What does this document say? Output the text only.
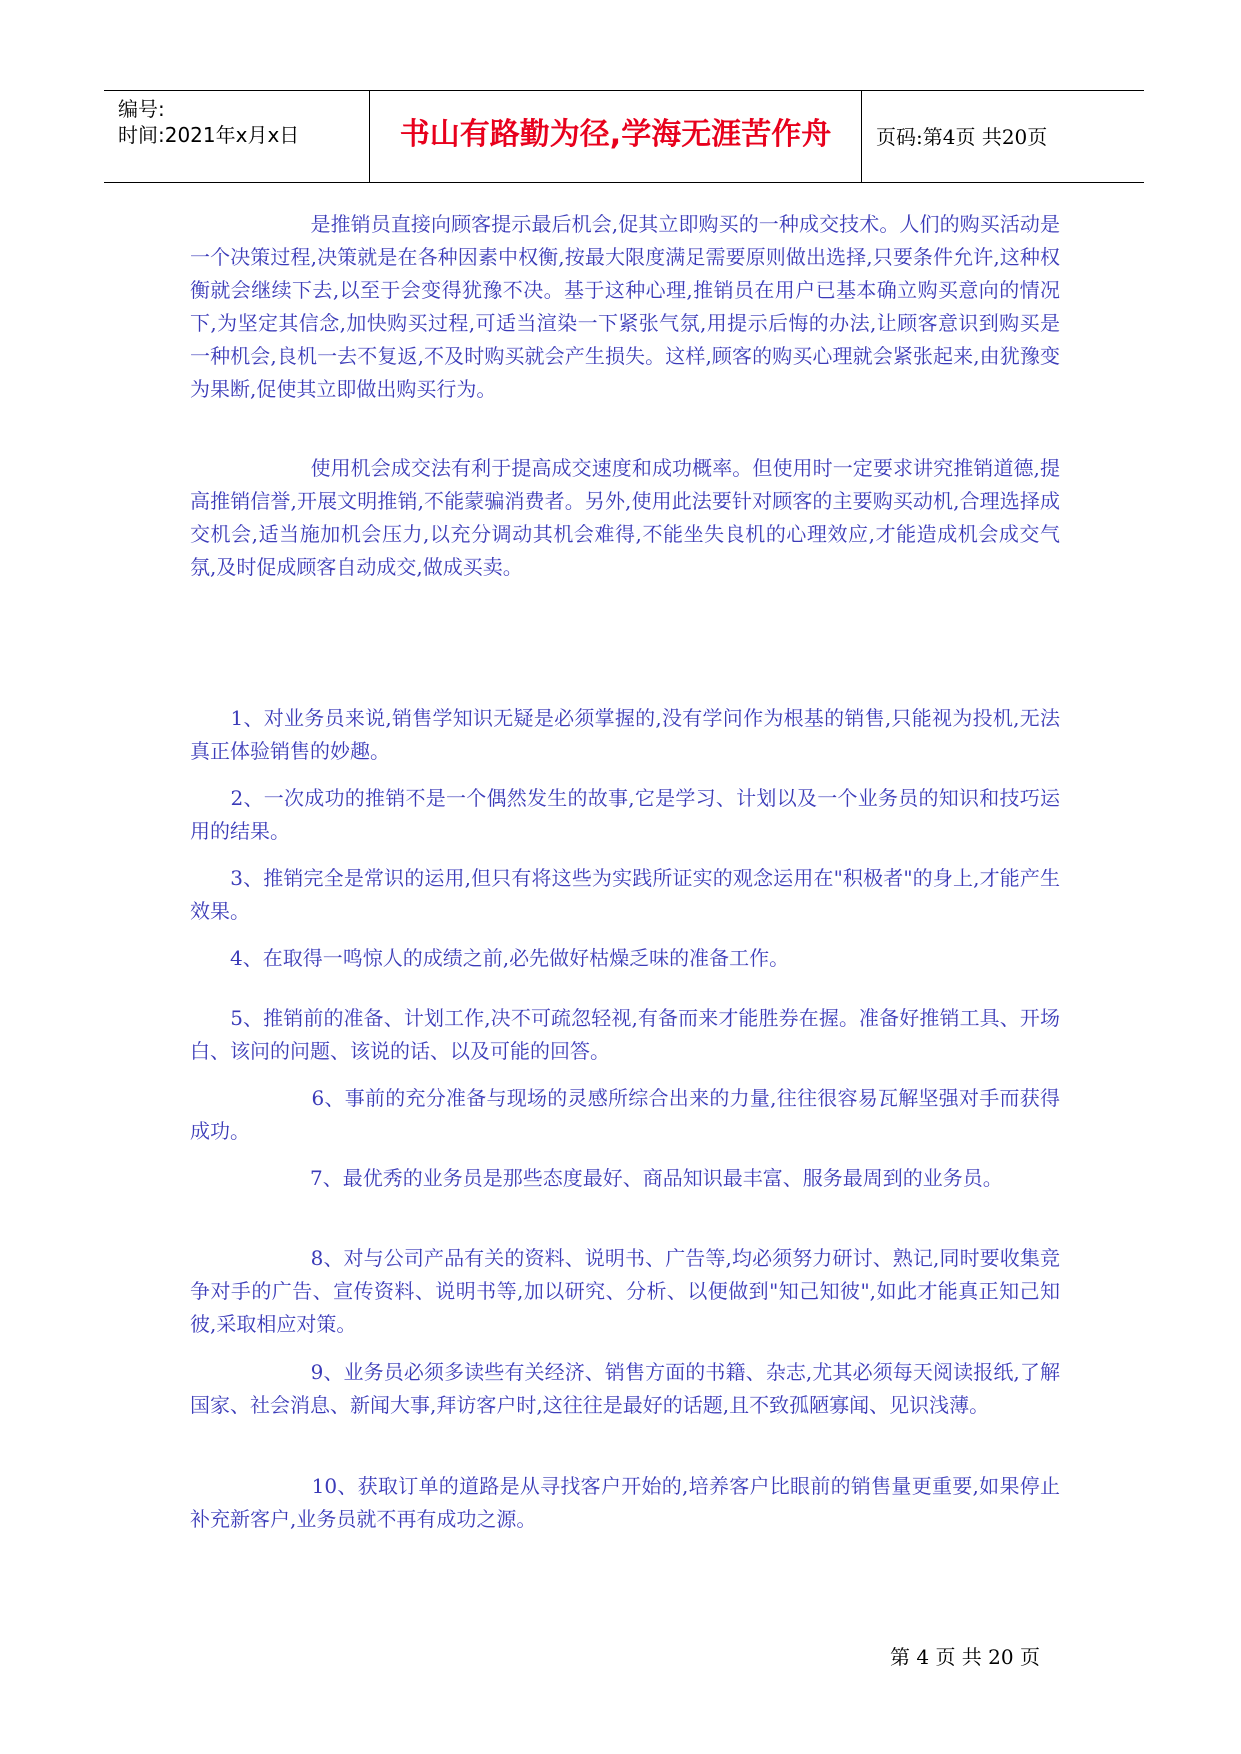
编号:
时间:2021年x月x日	书山有路勤为径,学海无涯苦作舟	页码:第4页 共20页

　　　　　　是推销员直接向顾客提示最后机会,促其立即购买的一种成交技术。人们的购买活动是一个决策过程,决策就是在各种因素中权衡,按最大限度满足需要原则做出选择,只要条件允许,这种权衡就会继续下去,以至于会变得犹豫不决。基于这种心理,推销员在用户已基本确立购买意向的情况下,为坚定其信念,加快购买过程,可适当渲染一下紧张气氛,用提示后悔的办法,让顾客意识到购买是一种机会,良机一去不复返,不及时购买就会产生损失。这样,顾客的购买心理就会紧张起来,由犹豫变为果断,促使其立即做出购买行为。

　　　　　　使用机会成交法有利于提高成交速度和成功概率。但使用时一定要求讲究推销道德,提高推销信誉,开展文明推销,不能蒙骗消费者。另外,使用此法要针对顾客的主要购买动机,合理选择成交机会,适当施加机会压力,以充分调动其机会难得,不能坐失良机的心理效应,才能造成机会成交气氛,及时促成顾客自动成交,做成买卖。

　　1、对业务员来说,销售学知识无疑是必须掌握的,没有学问作为根基的销售,只能视为投机,无法真正体验销售的妙趣。

　　2、一次成功的推销不是一个偶然发生的故事,它是学习、计划以及一个业务员的知识和技巧运用的结果。

　　3、推销完全是常识的运用,但只有将这些为实践所证实的观念运用在"积极者"的身上,才能产生效果。

　　4、在取得一鸣惊人的成绩之前,必先做好枯燥乏味的准备工作。

　　5、推销前的准备、计划工作,决不可疏忽轻视,有备而来才能胜券在握。准备好推销工具、开场白、该问的问题、该说的话、以及可能的回答。

　　　　　　6、事前的充分准备与现场的灵感所综合出来的力量,往往很容易瓦解坚强对手而获得成功。

　　　　　　7、最优秀的业务员是那些态度最好、商品知识最丰富、服务最周到的业务员。

　　　　　　8、对与公司产品有关的资料、说明书、广告等,均必须努力研讨、熟记,同时要收集竞争对手的广告、宣传资料、说明书等,加以研究、分析、以便做到"知己知彼",如此才能真正知己知彼,采取相应对策。

　　　　　　9、业务员必须多读些有关经济、销售方面的书籍、杂志,尤其必须每天阅读报纸,了解国家、社会消息、新闻大事,拜访客户时,这往往是最好的话题,且不致孤陋寡闻、见识浅薄。

　　　　　　10、获取订单的道路是从寻找客户开始的,培养客户比眼前的销售量更重要,如果停止补充新客户,业务员就不再有成功之源。

第 4 页 共 20 页
